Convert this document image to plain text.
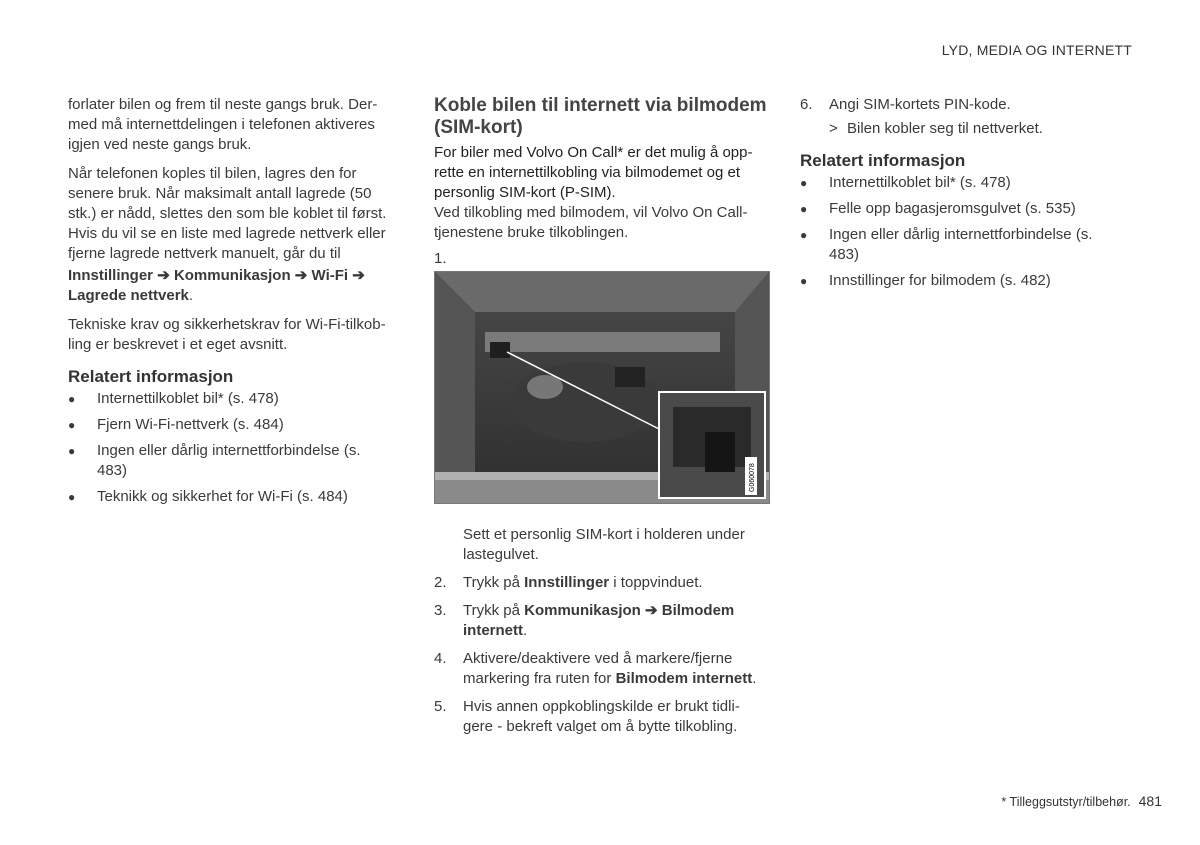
LYD, MEDIA OG INTERNETT

forlater bilen og frem til neste gangs bruk. Der-med må internettdelingen i telefonen aktiveres igjen ved neste gangs bruk.

Når telefonen koples til bilen, lagres den for senere bruk. Når maksimalt antall lagrede (50 stk.) er nådd, slettes den som ble koblet til først. Hvis du vil se en liste med lagrede nettverk eller fjerne lagrede nettverk manuelt, går du til

Innstillinger ➔ Kommunikasjon ➔ Wi-Fi ➔ Lagrede nettverk.

Tekniske krav og sikkerhetskrav for Wi-Fi-tilkob-ling er beskrevet i et eget avsnitt.

Relatert informasjon
● Internettilkoblet bil* (s. 478)
● Fjern Wi-Fi-nettverk (s. 484)
● Ingen eller dårlig internettforbindelse (s. 483)
● Teknikk og sikkerhet for Wi-Fi (s. 484)
Koble bilen til internett via bilmodem (SIM-kort)

For biler med Volvo On Call* er det mulig å opp-rette en internettilkobling via bilmodemet og et personlig SIM-kort (P-SIM).

Ved tilkobling med bilmodem, vil Volvo On Call-tjenestene bruke tilkoblingen.

1.
G060078

Sett et personlig SIM-kort i holderen under lastegulvet.

2. Trykk på Innstillinger i toppvinduet.
3. Trykk på Kommunikasjon ➔ Bilmodem internett.
4. Aktivere/deaktivere ved å markere/fjerne markering fra ruten for Bilmodem internett.
5. Hvis annen oppkoblingskilde er brukt tidli-gere - bekreft valget om å bytte tilkobling.
6. Angi SIM-kortets PIN-kode.
> Bilen kobler seg til nettverket.
Relatert informasjon
● Internettilkoblet bil* (s. 478)
● Felle opp bagasjeromsgulvet (s. 535)
● Ingen eller dårlig internettforbindelse (s. 483)
● Innstillinger for bilmodem (s. 482)
* Tilleggsutstyr/tilbehør. 481
